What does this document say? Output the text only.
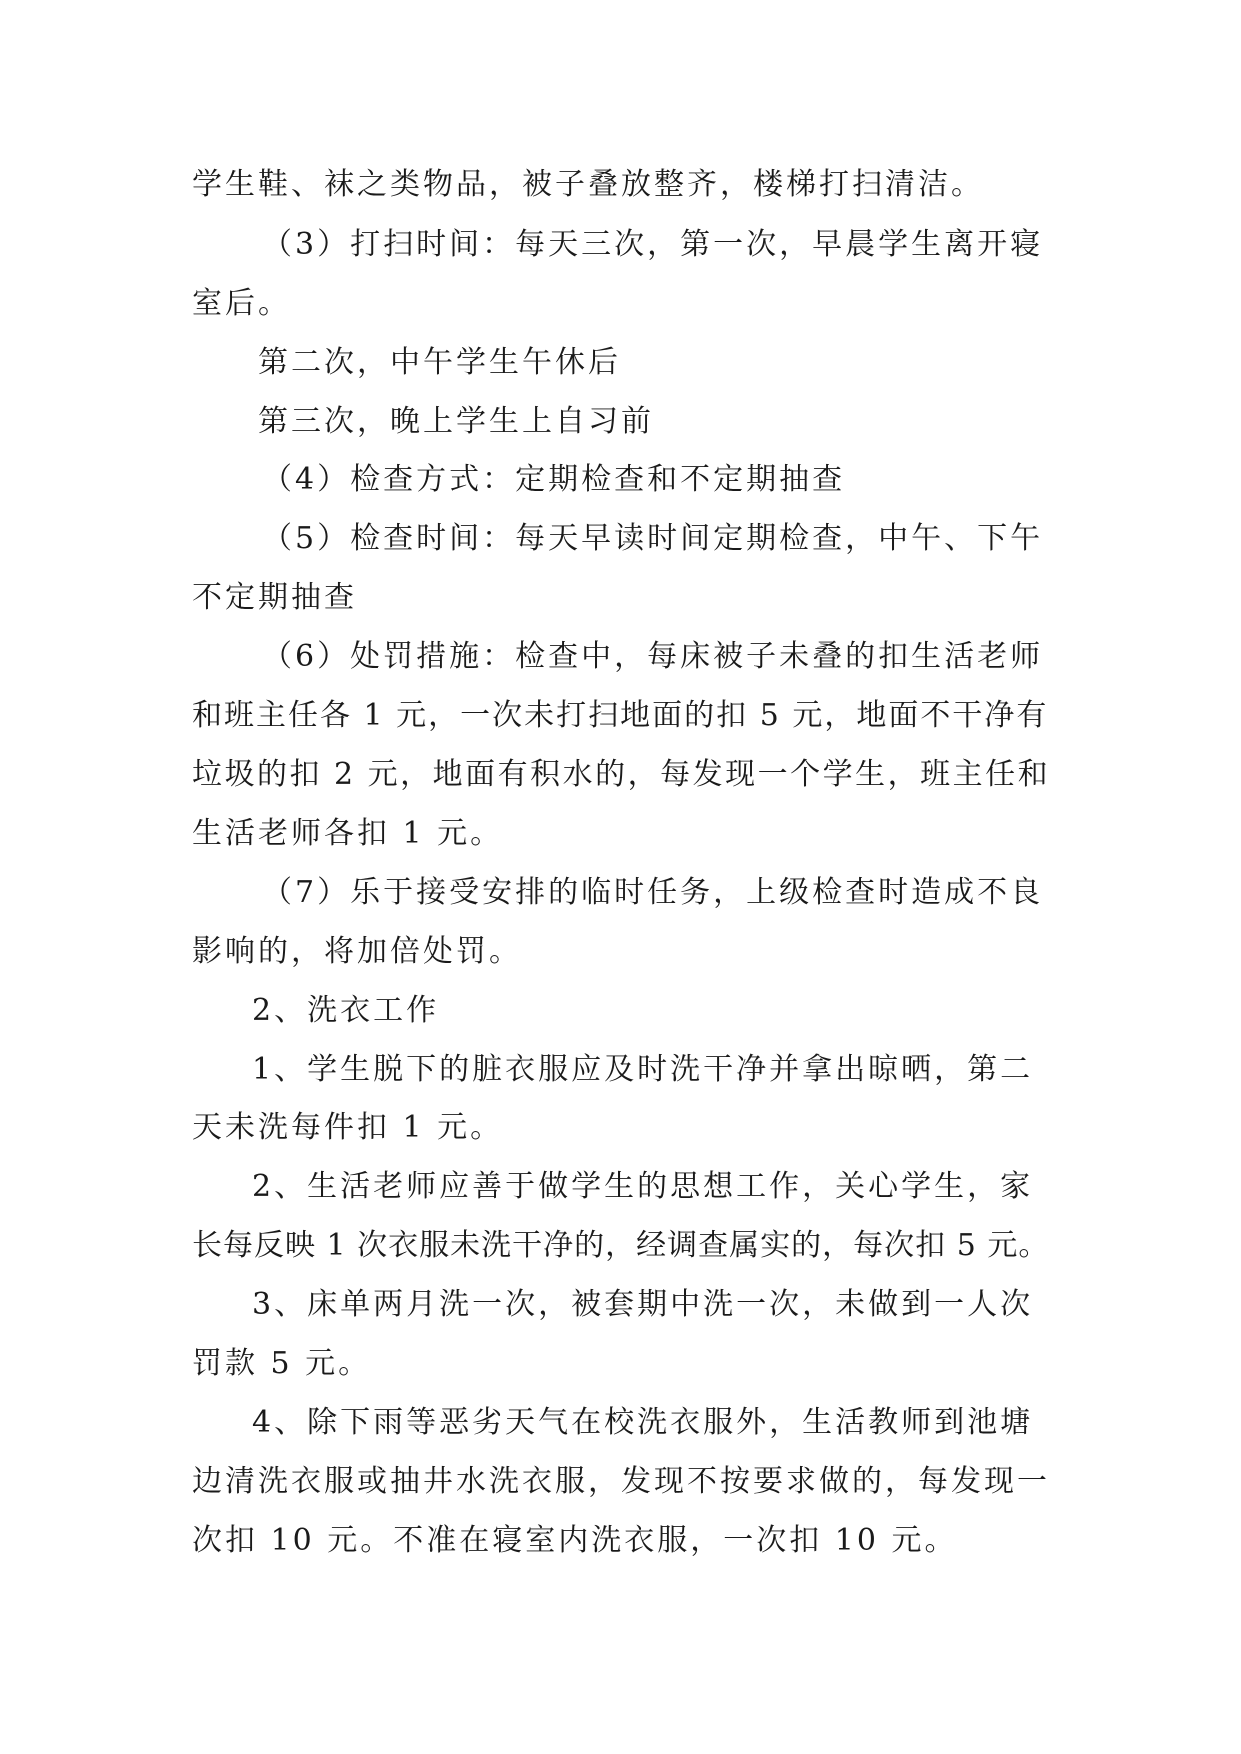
学生鞋、袜之类物品，被子叠放整齐，楼梯打扫清洁。
（3）打扫时间：每天三次，第一次，早晨学生离开寝
室后。
第二次，中午学生午休后
第三次，晚上学生上自习前
（4）检查方式：定期检查和不定期抽查
（5）检查时间：每天早读时间定期检查，中午、下午
不定期抽查
（6）处罚措施：检查中，每床被子未叠的扣生活老师
和班主任各 1 元，一次未打扫地面的扣 5 元，地面不干净有
垃圾的扣 2 元，地面有积水的，每发现一个学生，班主任和
生活老师各扣 1 元。
（7）乐于接受安排的临时任务，上级检查时造成不良
影响的，将加倍处罚。
2、洗衣工作
1、学生脱下的脏衣服应及时洗干净并拿出晾晒，第二
天未洗每件扣 1 元。
2、生活老师应善于做学生的思想工作，关心学生，家
长每反映 1 次衣服未洗干净的，经调查属实的，每次扣 5 元。
3、床单两月洗一次，被套期中洗一次，未做到一人次
罚款 5 元。
4、除下雨等恶劣天气在校洗衣服外，生活教师到池塘
边清洗衣服或抽井水洗衣服，发现不按要求做的，每发现一
次扣 10 元。不准在寝室内洗衣服，一次扣 10 元。
